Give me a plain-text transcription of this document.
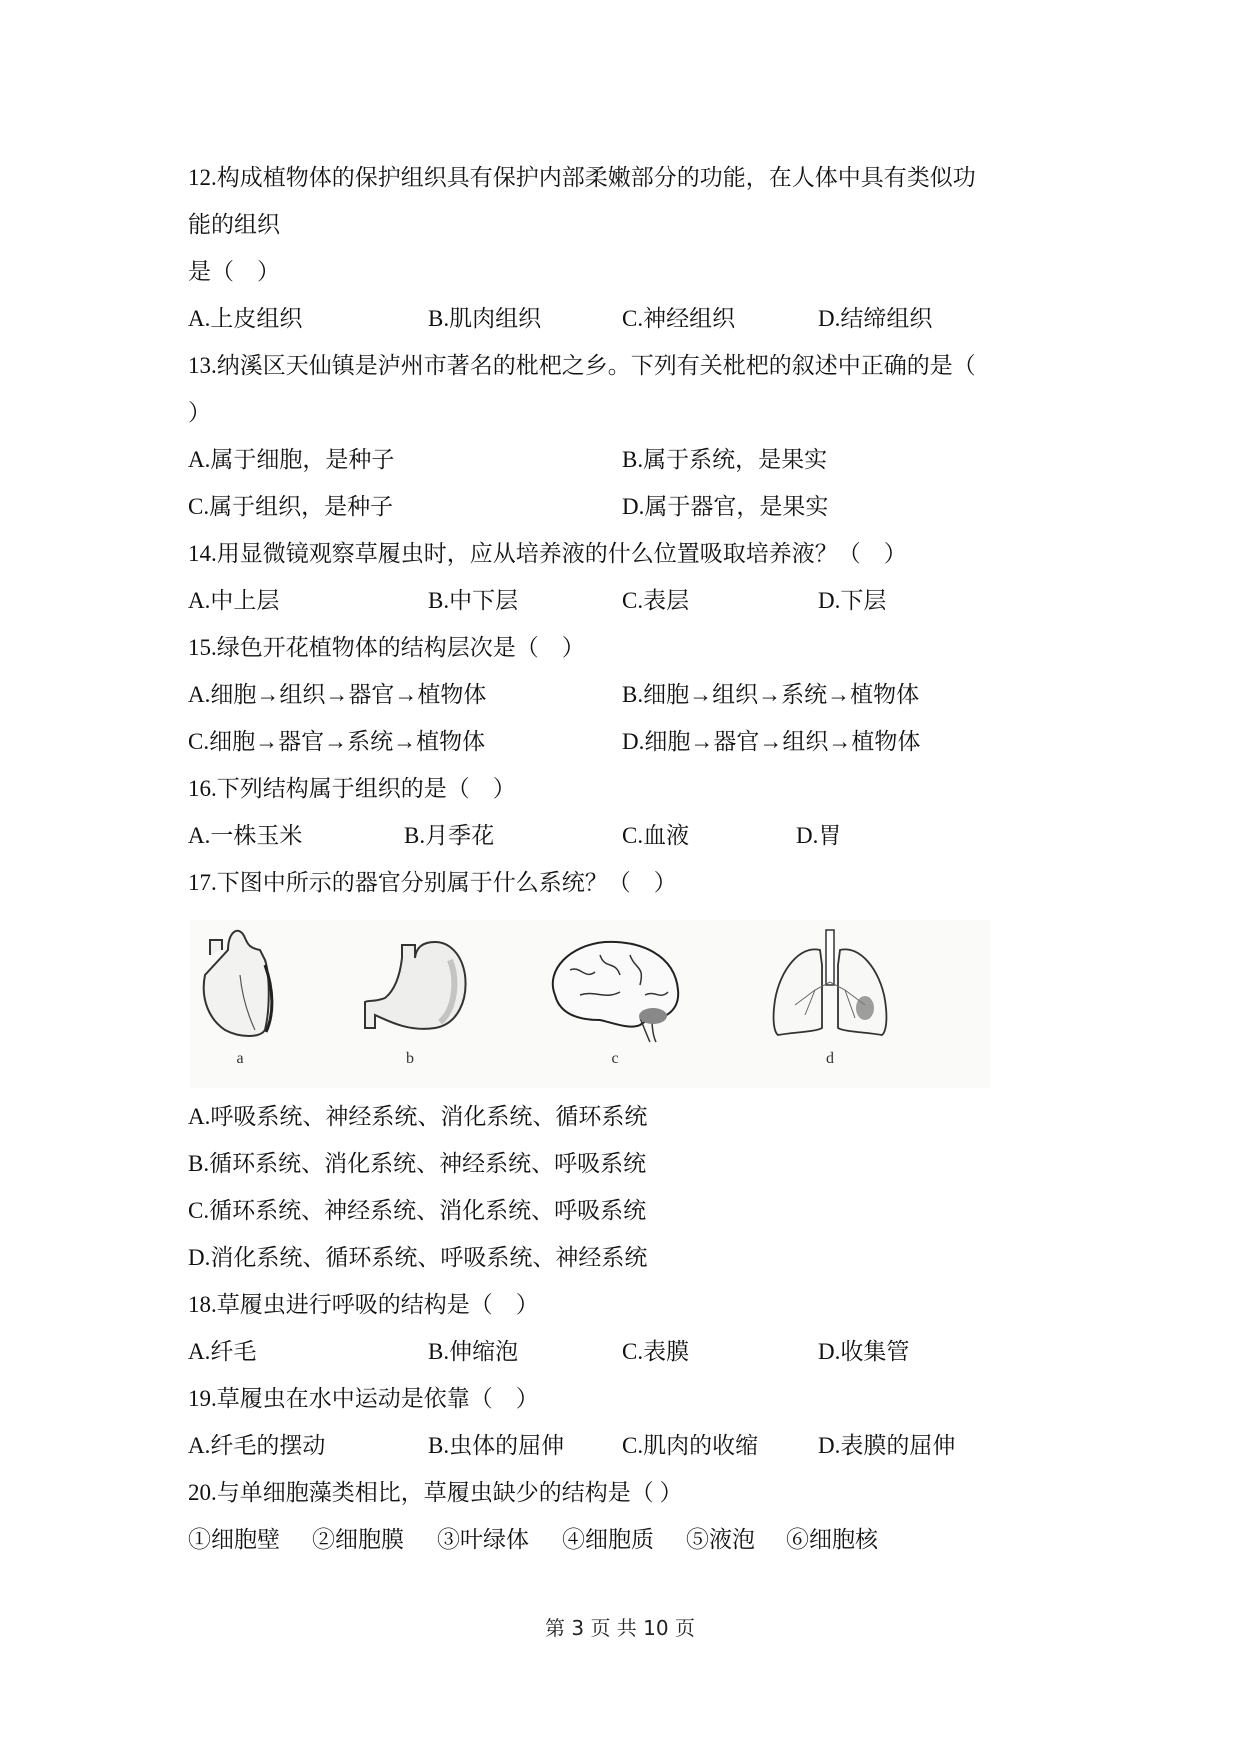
12.构成植物体的保护组织具有保护内部柔嫩部分的功能，在人体中具有类似功
能的组织
是（　）
A.上皮组织	B.肌肉组织	C.神经组织	D.结缔组织
13.纳溪区天仙镇是泸州市著名的枇杷之乡。下列有关枇杷的叙述中正确的是（
）
A.属于细胞，是种子	B.属于系统，是果实
C.属于组织，是种子	D.属于器官，是果实
14.用显微镜观察草履虫时，应从培养液的什么位置吸取培养液？（　）
A.中上层	B.中下层	C.表层	D.下层
15.绿色开花植物体的结构层次是（　）
A.细胞→组织→器官→植物体	B.细胞→组织→系统→植物体
C.细胞→器官→系统→植物体	D.细胞→器官→组织→植物体
16.下列结构属于组织的是（　）
A.一株玉米	B.月季花	C.血液	D.胃
17.下图中所示的器官分别属于什么系统？（　）
a	b	c	d
A.呼吸系统、神经系统、消化系统、循环系统
B.循环系统、消化系统、神经系统、呼吸系统
C.循环系统、神经系统、消化系统、呼吸系统
D.消化系统、循环系统、呼吸系统、神经系统
18.草履虫进行呼吸的结构是（　）
A.纤毛	B.伸缩泡	C.表膜	D.收集管
19.草履虫在水中运动是依靠（　）
A.纤毛的摆动	B.虫体的屈伸	C.肌肉的收缩	D.表膜的屈伸
20.与单细胞藻类相比，草履虫缺少的结构是（ ）
①细胞壁 ②细胞膜 ③叶绿体 ④细胞质 ⑤液泡 ⑥细胞核
第 3 页 共 10 页
